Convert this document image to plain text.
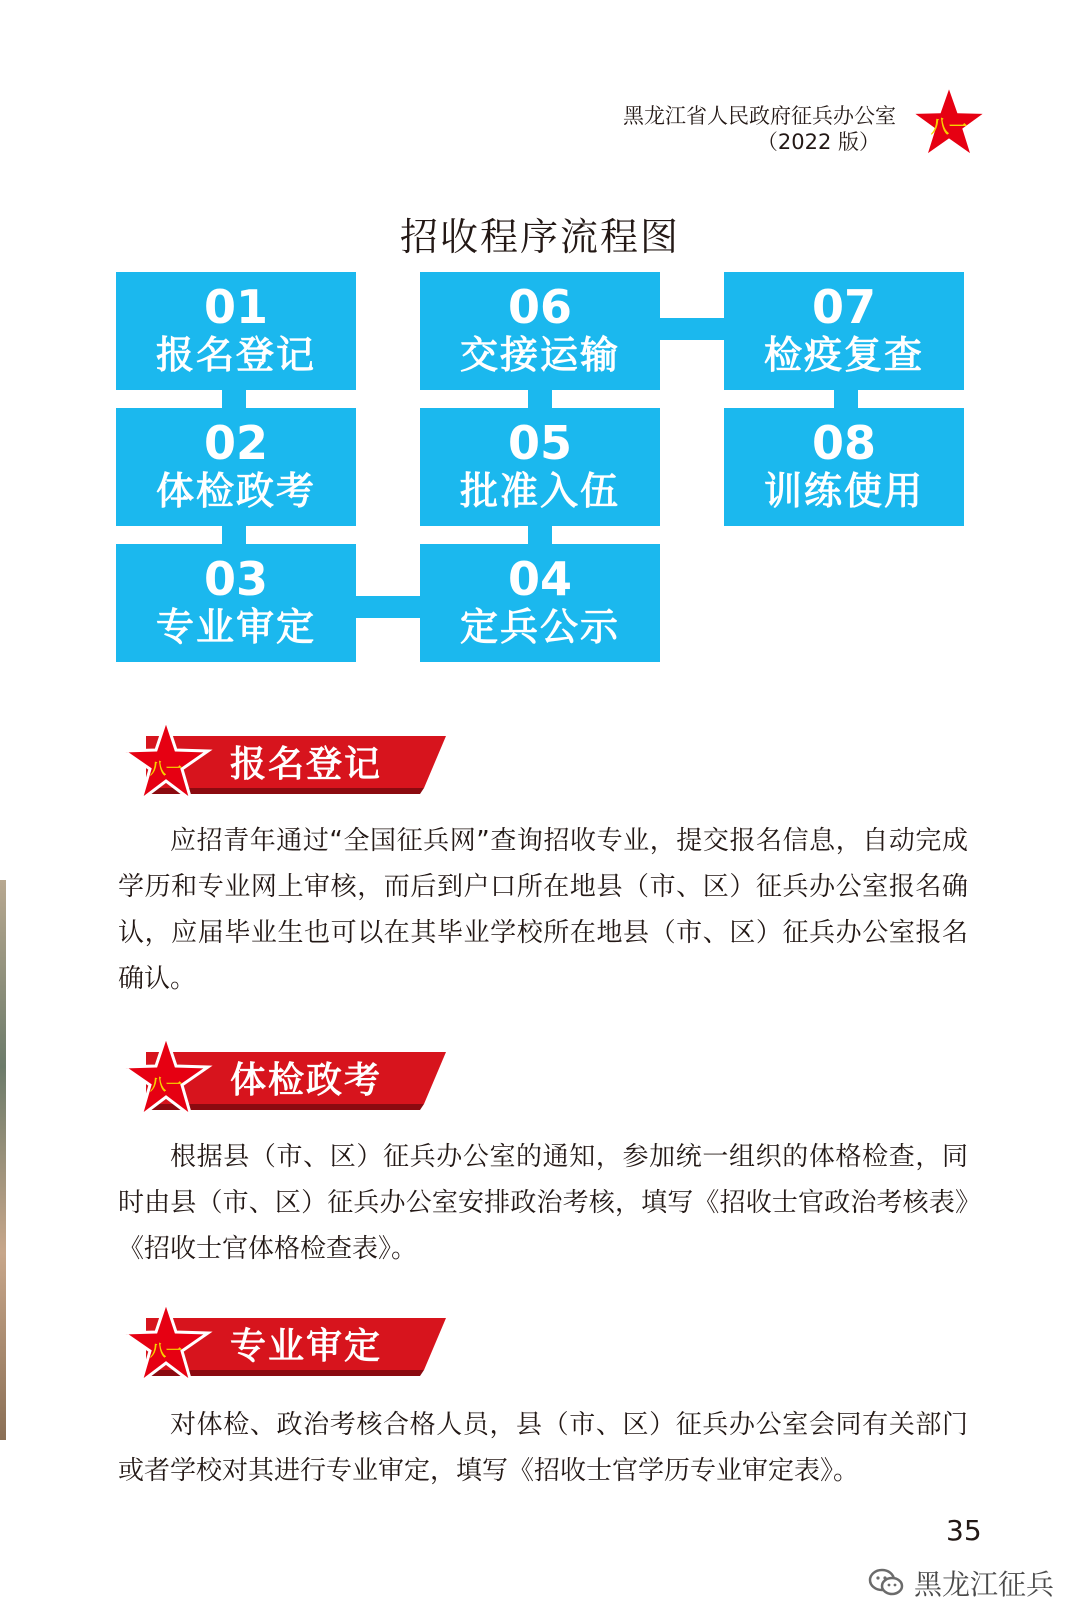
黑龙江省人民政府征兵办公室
（2022 版）
八一
招收程序流程图
01
报名登记
02
体检政考
03
专业审定
04
定兵公示
05
批准入伍
06
交接运输
07
检疫复查
08
训练使用
八一 报名登记
应招青年通过“全国征兵网”查询招收专业，提交报名信息，自动完成学历和专业网上审核，而后到户口所在地县（市、区）征兵办公室报名确认，应届毕业生也可以在其毕业学校所在地县（市、区）征兵办公室报名确认。
八一 体检政考
根据县（市、区）征兵办公室的通知，参加统一组织的体格检查，同时由县（市、区）征兵办公室安排政治考核，填写《招收士官政治考核表》《招收士官体格检查表》。
八一 专业审定
对体检、政治考核合格人员，县（市、区）征兵办公室会同有关部门或者学校对其进行专业审定，填写《招收士官学历专业审定表》。
35
黑龙江征兵
